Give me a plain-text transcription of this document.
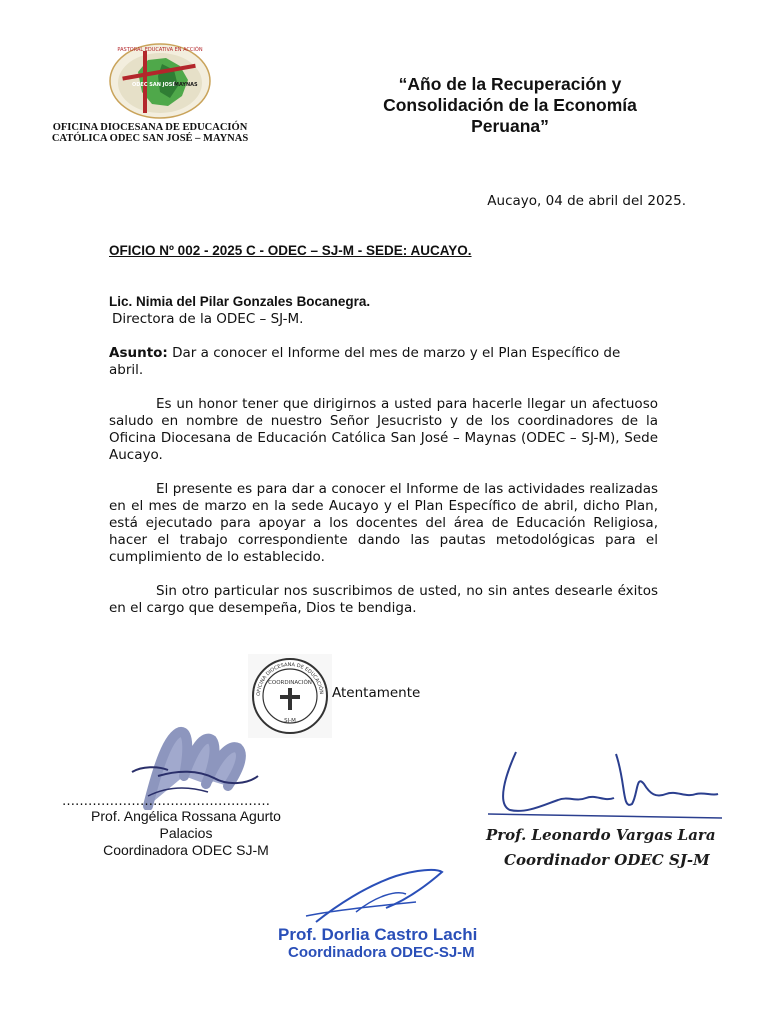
PASTORAL EDUCATIVA EN ACCIÓN
ODEC SAN JOSÉ
MAYNAS
OFICINA DIOCESANA DE EDUCACIÓN
CATÓLICA ODEC SAN JOSÉ – MAYNAS
“Año de la Recuperación y
Consolidación de la Economía
Peruana”
Aucayo, 04 de abril del 2025.
OFICIO Nº 002 - 2025 C - ODEC – SJ-M - SEDE: AUCAYO.
Lic. Nimia del Pilar Gonzales Bocanegra.
Directora de la ODEC – SJ-M.
Asunto: Dar a conocer el Informe del mes de marzo y el Plan Específico de abril.
Es un honor tener que dirigirnos a usted para hacerle llegar un afectuoso saludo en nombre de nuestro Señor Jesucristo y de los coordinadores de la Oficina Diocesana de Educación Católica San José – Maynas (ODEC – SJ-M), Sede Aucayo.
El presente es para dar a conocer el Informe de las actividades realizadas en el mes de marzo en la sede Aucayo y el Plan Específico de abril, dicho Plan, está ejecutado para apoyar a los docentes del área de Educación Religiosa, hacer el trabajo correspondiente dando las pautas metodológicas para el cumplimiento de lo establecido.
Sin otro particular nos suscribimos de usted, no sin antes desearle éxitos en el cargo que desempeña, Dios te bendiga.
OFICINA DIOCESANA DE EDUCACIÓN
COORDINACIÓN
SJ-M
Atentamente
…………………………………………
Prof. Angélica Rossana Agurto
Palacios
Coordinadora ODEC SJ-M
Prof. Leonardo Vargas Lara
Coordinador ODEC SJ-M
Prof. Dorlia Castro Lachi
Coordinadora ODEC-SJ-M
